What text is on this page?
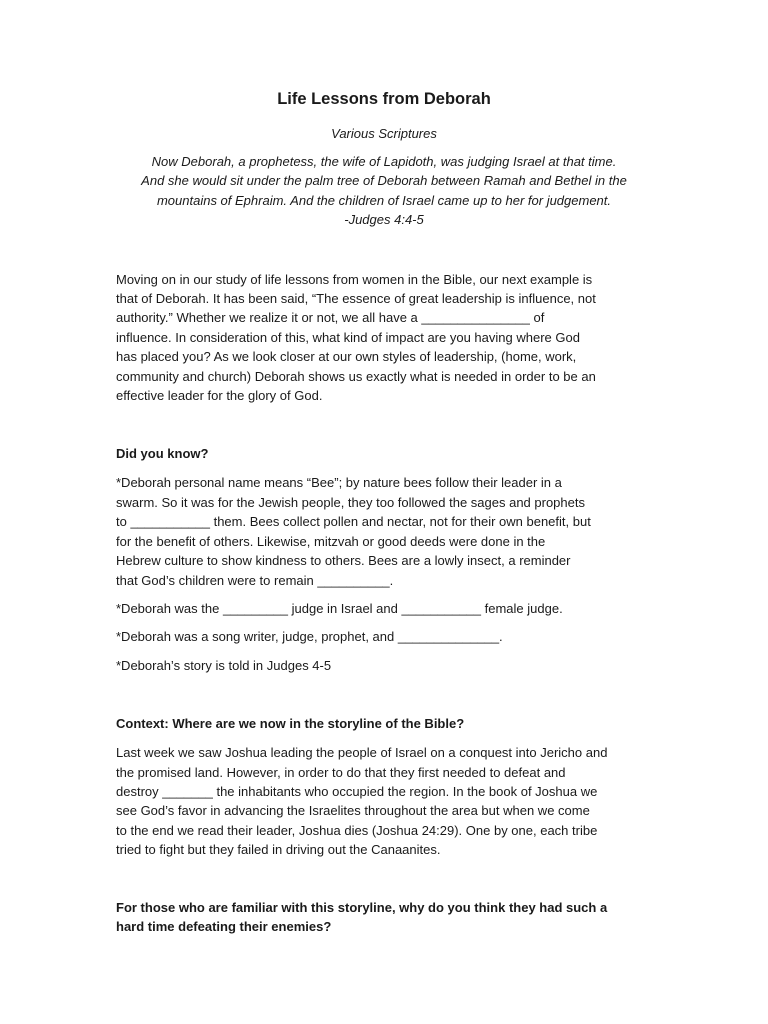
Life Lessons from Deborah
Various Scriptures
Now Deborah, a prophetess, the wife of Lapidoth, was judging Israel at that time.
And she would sit under the palm tree of Deborah between Ramah and Bethel in the
mountains of Ephraim. And the children of Israel came up to her for judgement.
-Judges 4:4-5
Moving on in our study of life lessons from women in the Bible, our next example is
that of Deborah. It has been said, “The essence of great leadership is influence, not
authority.” Whether we realize it or not, we all have a _______________ of
influence. In consideration of this, what kind of impact are you having where God
has placed you? As we look closer at our own styles of leadership, (home, work,
community and church) Deborah shows us exactly what is needed in order to be an
effective leader for the glory of God.
Did you know?
*Deborah personal name means “Bee”; by nature bees follow their leader in a
swarm. So it was for the Jewish people, they too followed the sages and prophets
to ___________ them. Bees collect pollen and nectar, not for their own benefit, but
for the benefit of others. Likewise, mitzvah or good deeds were done in the
Hebrew culture to show kindness to others. Bees are a lowly insect, a reminder
that God’s children were to remain __________.
*Deborah was the _________ judge in Israel and ___________ female judge.
*Deborah was a song writer, judge, prophet, and ______________.
*Deborah’s story is told in Judges 4-5
Context: Where are we now in the storyline of the Bible?
Last week we saw Joshua leading the people of Israel on a conquest into Jericho and
the promised land. However, in order to do that they first needed to defeat and
destroy _______ the inhabitants who occupied the region. In the book of Joshua we
see God’s favor in advancing the Israelites throughout the area but when we come
to the end we read their leader, Joshua dies (Joshua 24:29). One by one, each tribe
tried to fight but they failed in driving out the Canaanites.
For those who are familiar with this storyline, why do you think they had such a
hard time defeating their enemies?
